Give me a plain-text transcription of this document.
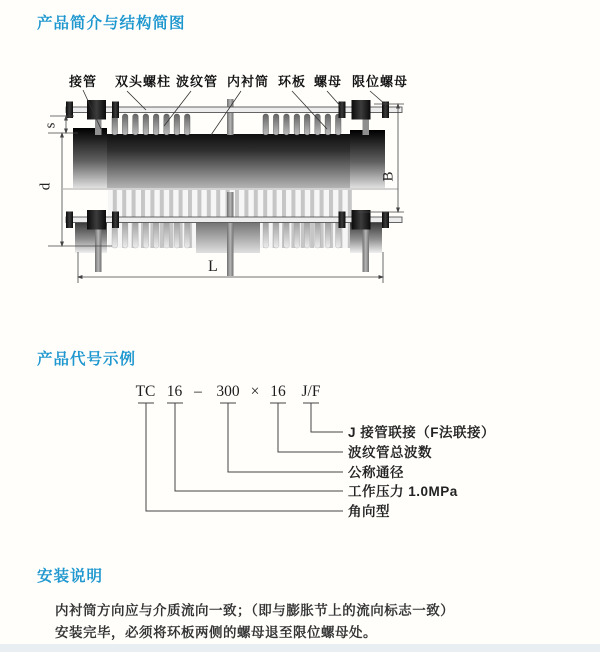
产品简介与结构简图
接管 双头螺柱 波纹管 内衬筒 环板 螺母 限位螺母
s
d
B
L
产品代号示例
TC 16 – 300 × 16 J/F
J 接管联接（F法联接）
波纹管总波数
公称通径
工作压力 1.0MPa
角向型
安装说明
内衬筒方向应与介质流向一致；（即与膨胀节上的流向标志一致）
安装完毕，必须将环板两侧的螺母退至限位螺母处。
